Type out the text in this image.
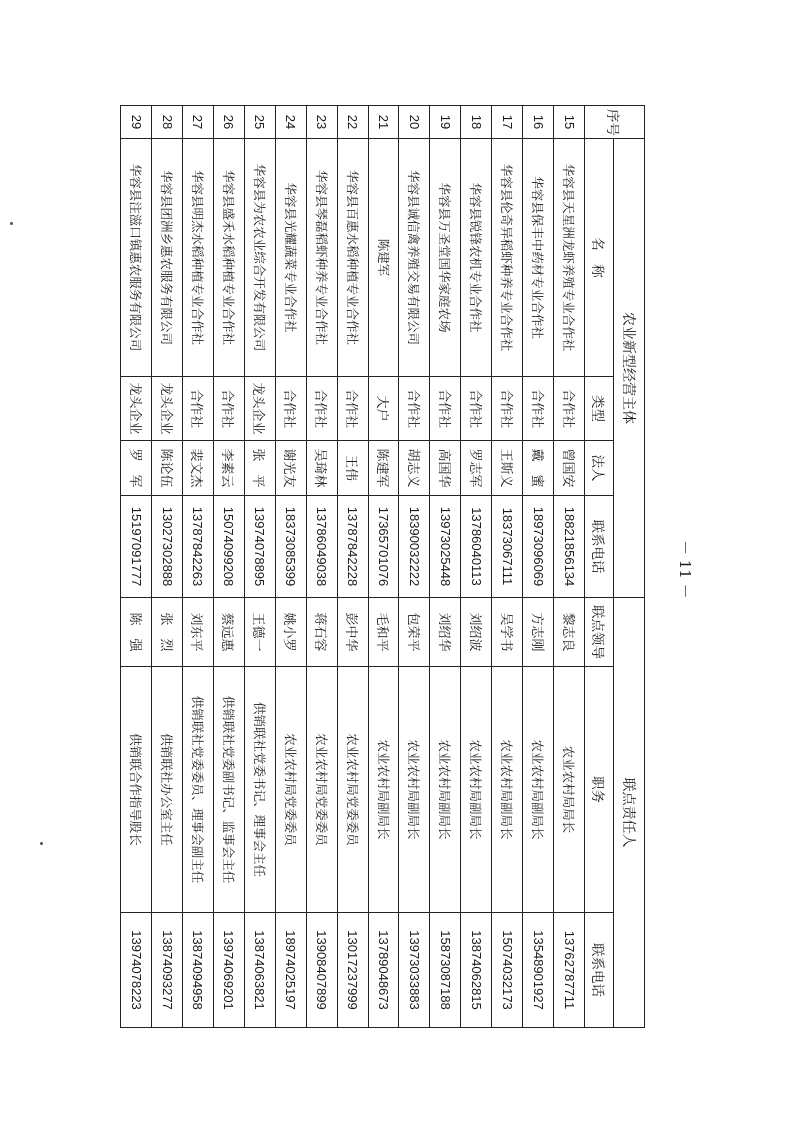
序号	农业新型经营主体				联点责任人		
	名　称	类型	法人	联系电话	联点领导	职务	联系电话
15	华容县天星洲龙虾养殖专业合作社	合作社	曾国安	18821856134	黎志良	农业农村局局长	13762787711
16	华容县保丰中药材专业合作社	合作社	戴　蜜	18973096069	方志刚	农业农村局副局长	13548901927
17	华容县伦奇异稻虾种养专业合作社	合作社	王斯义	18373067111	吴学书	农业农村局副局长	15074032173
18	华容县锐锋农机专业合作社	合作社	罗志军	13786040113	刘绍波	农业农村局副局长	13874062815
19	华容县万圣堂国华家庭农场	合作社	高国华	13973025448	刘绍华	农业农村局副局长	15873087188
20	华容县诚信禽养殖交易有限公司	合作社	胡志义	18390032222	包荣平	农业农村局副局长	13973033883
21	陈建军	大户	陈建军	17365701076	毛和平	农业农村局副局长	13789048673
22	华容县百惠水稻种植专业合作社	合作社	王伟	13787842228	彭中华	农业农村局党委委员	13017237999
23	华容县琴磊稻虾种养专业合作社	合作社	吴琦林	13786049038	蒋石容	农业农村局党委委员	13908407899
24	华容县光耀蔬菜专业合作社	合作社	谢光友	18373085399	姚小罗	农业农村局党委委员	18974025197
25	华容县为农农业综合开发有限公司	龙头企业	张　平	13974078895	王德一	供销联社党委书记、理事会主任	13874063821
26	华容县盛禾水稻种植专业合作社	合作社	李素云	15074099208	蔡远惠	供销联社党委副书记、监事会主任	13974069201
27	华容县明杰水稻种植专业合作社	合作社	裴文杰	13787842263	刘东平	供销联社党委委员、理事会副主任	13874094958
28	华容县团洲乡惠农服务有限公司	龙头企业	陈论伍	13027302888	张　烈	供销联社办公室主任	13874093277
29	华容县注滋口镇惠农服务有限公司	龙头企业	罗　军	15197091777	陈　强	供销联合作指导股长	13974078223
－ 11 －
